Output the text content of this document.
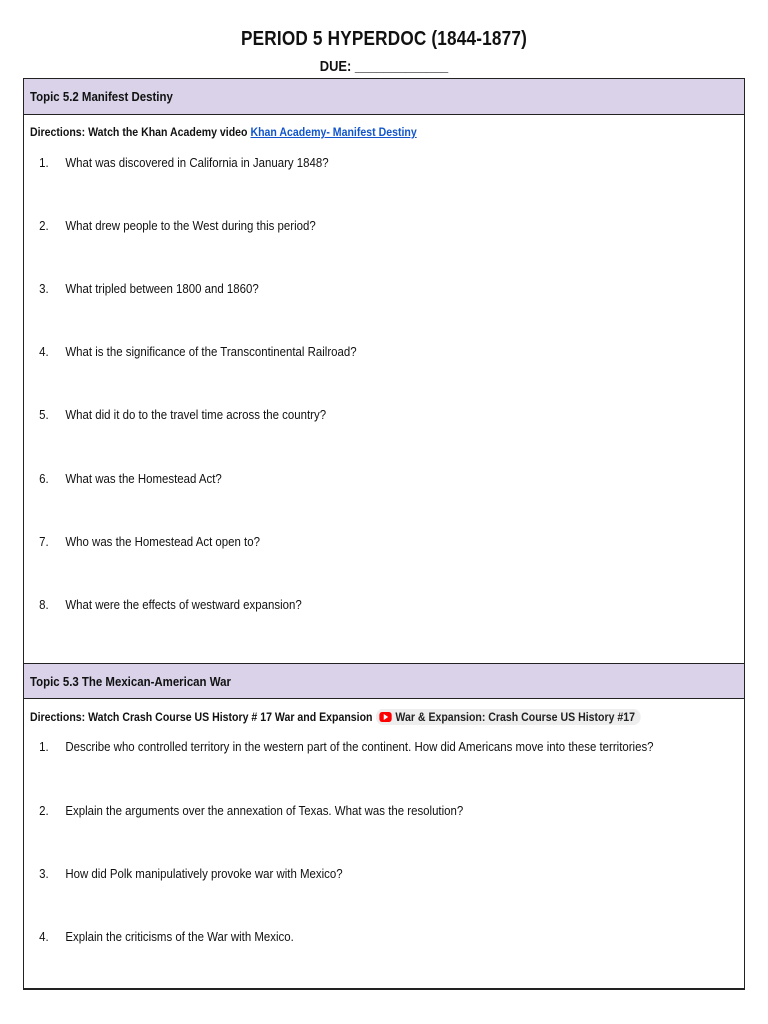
PERIOD 5 HYPERDOC (1844-1877)
DUE: _____________
Topic 5.2 Manifest Destiny
Directions: Watch the Khan Academy video Khan Academy- Manifest Destiny
1. What was discovered in California in January 1848?
2. What drew people to the West during this period?
3. What tripled between 1800 and 1860?
4. What is the significance of the Transcontinental Railroad?
5. What did it do to the travel time across the country?
6. What was the Homestead Act?
7. Who was the Homestead Act open to?
8. What were the effects of westward expansion?
Topic 5.3 The Mexican-American War
Directions: Watch Crash Course US History # 17 War and Expansion War & Expansion: Crash Course US History #17
1. Describe who controlled territory in the western part of the continent. How did Americans move into these territories?
2. Explain the arguments over the annexation of Texas. What was the resolution?
3. How did Polk manipulatively provoke war with Mexico?
4. Explain the criticisms of the War with Mexico.
